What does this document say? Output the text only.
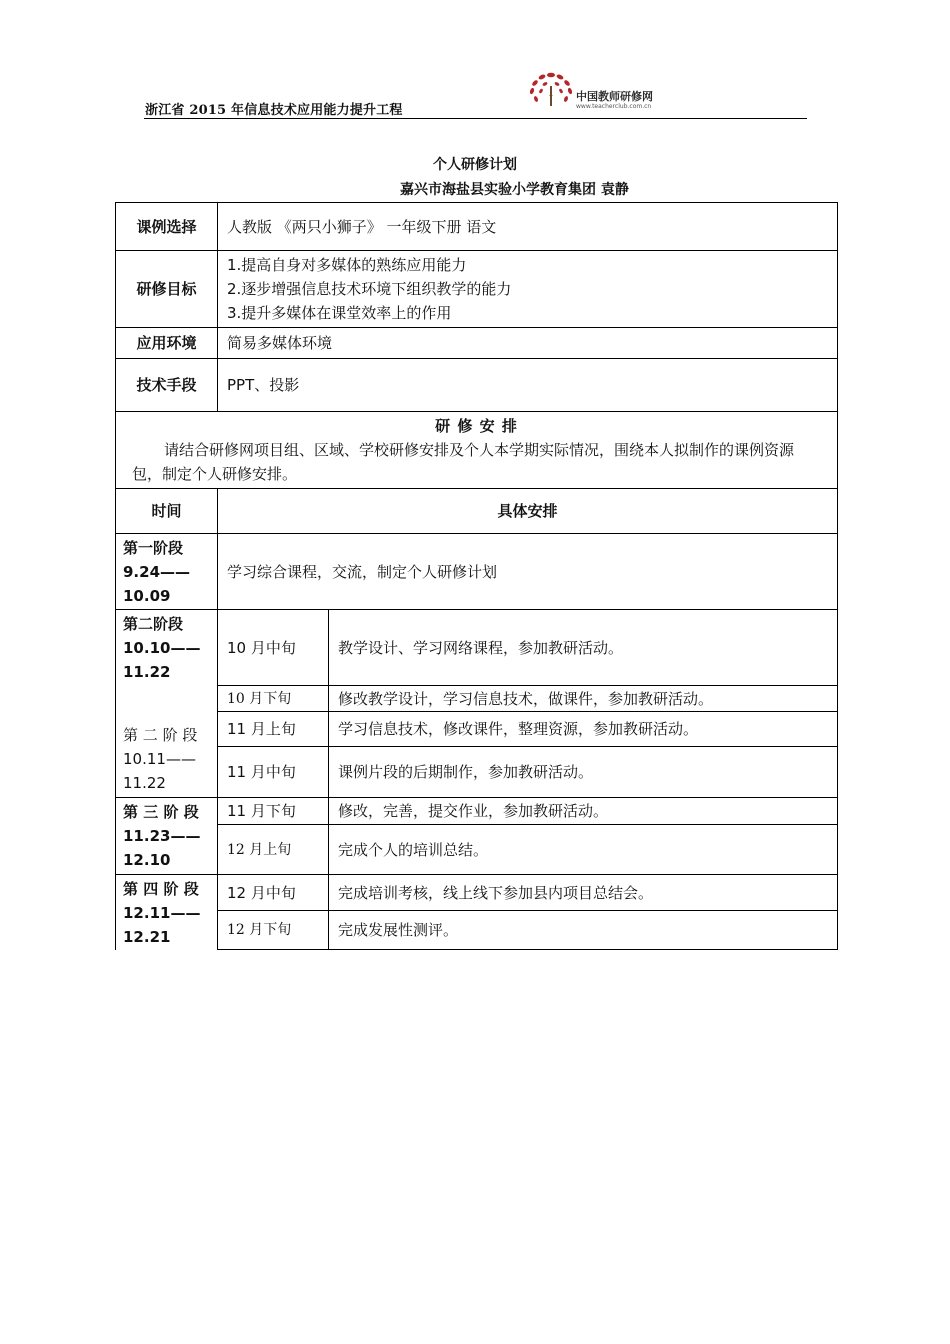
浙江省 2015 年信息技术应用能力提升工程
T 中国教师研修网
www.teacherclub.com.cn
个人研修计划
嘉兴市海盐县实验小学教育集团 袁静
课例选择	人教版 《两只小狮子》 一年级下册 语文	
研修目标	1.提高自身对多媒体的熟练应用能力
2.逐步增强信息技术环境下组织教学的能力
3.提升多媒体在课堂效率上的作用	

应用环境	简易多媒体环境	
技术手段	PPT、投影	

研 修 安 排
请结合研修网项目组、区域、学校研修安排及个人本学期实际情况，围绕本人拟制作的课例资源包，制定个人研修安排。		

时间	具体安排	

第一阶段
9.24——
10.09	学习综合课程，交流，制定个人研修计划	

第二阶段
10.10——
11.22	10 月中旬	教学设计、学习网络课程，参加教研活动。
	10 月下旬	修改教学设计，学习信息技术，做课件，参加教研活动。

第 二 阶 段
10.11——
11.22	11 月上旬	学习信息技术，修改课件，整理资源，参加教研活动。
	11 月中旬	课例片段的后期制作，参加教研活动。

第 三 阶 段
11.23——
12.10	11 月下旬	修改，完善，提交作业，参加教研活动。
	12 月上旬	完成个人的培训总结。

第 四 阶 段
12.11——
12.21	12 月中旬	完成培训考核，线上线下参加县内项目总结会。
	12 月下旬	完成发展性测评。
